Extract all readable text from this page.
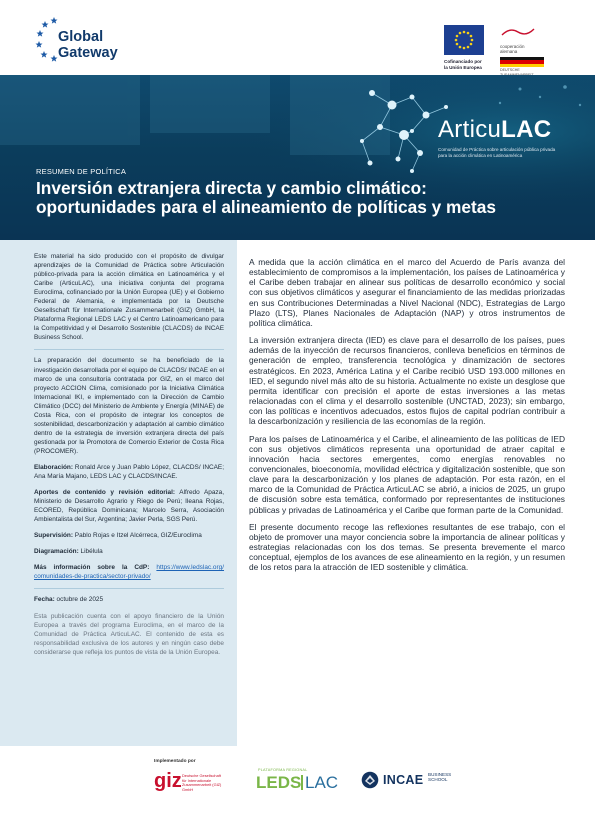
Global
Gateway
Cofinanciado por
la Unión Europea
cooperación
alemana
DEUTSCHE
ArticuLAC
Comunidad de Práctica sobre articulación pública privada
para la acción climática en Latinoamérica
RESUMEN DE POLÍTICA
Inversión extranjera directa y cambio climático:
oportunidades para el alineamiento de políticas y metas

Este material ha sido producido con el propósito de divulgar aprendizajes de la Comunidad de Práctica sobre Articulación público-privada para la acción climática en Latinoamérica y el Caribe (ArticuLAC), una iniciativa conjunta del programa Euroclima, cofinanciado por la Unión Europea (UE) y el Gobierno Federal de Alemania, e implementada por la Deutsche Gesellschaft für Internationale Zusammenarbeit (GIZ) GmbH, la Plataforma Regional LEDS LAC y el Centro Latinoamericano para la Competitividad y el Desarrollo Sostenible (CLACDS) de INCAE Business School.

La preparación del documento se ha beneficiado de la investigación desarrollada por el equipo de CLACDS/ INCAE en el marco de una consultoría contratada por GIZ, en el marco del proyecto ACCION Clima, comisionado por la Iniciativa Climática Internacional IKI, e implementado con la Dirección de Cambio Climático (DCC) del Ministerio de Ambiente y Energía (MINAE) de Costa Rica, con el propósito de integrar los conceptos de sostenibilidad, descarbonización y adaptación al cambio climático dentro de la estrategia de inversión extranjera directa del país gestionada por la Promotora de Comercio Exterior de Costa Rica (PROCOMER).

Elaboración: Ronald Arce y Juan Pablo López, CLACDS/ INCAE; Ana María Majano, LEDS LAC y CLACDS/INCAE.

Aportes de contenido y revisión editorial: Alfredo Apaza, Ministerio de Desarrollo Agrario y Riego de Perú; Ileana Rojas, ECORED, República Dominicana; Marcelo Serra, Asociación Ambientalista del Sur, Argentina; Javier Perla, SGS Perú.

Supervisión: Pablo Rojas e Itzel Alcérreca, GIZ/Euroclima

Diagramación: Libélula

Más información sobre la CdP: https://www.ledslac.org/ comunidades-de-practica/sector-privado/

Fecha: octubre de 2025

Esta publicación cuenta con el apoyo financiero de la Unión Europea a través del programa Euroclima, en el marco de la Comunidad de Práctica ArticuLAC. El contenido de esta es responsabilidad exclusiva de los autores y en ningún caso debe considerarse que refleja los puntos de vista de la Unión Europea.

A medida que la acción climática en el marco del Acuerdo de París avanza del establecimiento de compromisos a la implementación, los países de Latinoamérica y el Caribe deben trabajar en alinear sus políticas de desarrollo económico y social con sus objetivos climáticos y asegurar el financiamiento de las medidas priorizadas en sus Contribuciones Determinadas a Nivel Nacional (NDC), Estrategias de Largo Plazo (LTS), Planes Nacionales de Adaptación (NAP) y otros instrumentos de política climática.

La inversión extranjera directa (IED) es clave para el desarrollo de los países, pues además de la inyección de recursos financieros, conlleva beneficios en términos de generación de empleo, transferencia tecnológica y dinamización de sectores estratégicos. En 2023, América Latina y el Caribe recibió USD 193.000 millones en IED, el segundo nivel más alto de su historia. Actualmente no existe un desglose que permita identificar con precisión el aporte de estas inversiones a las metas relacionadas con el clima y el desarrollo sostenible (UNCTAD, 2023); sin embargo, con las políticas e incentivos adecuados, estos flujos de capital podrían contribuir a la descarbonización y resiliencia de las economías de la región.

Para los países de Latinoamérica y el Caribe, el alineamiento de las políticas de IED con sus objetivos climáticos representa una oportunidad de atraer capital e innovación hacia sectores emergentes, como energías renovables no convencionales, bioeconomía, movilidad eléctrica y digitalización sostenible, que son clave para la descarbonización y los planes de adaptación. Por esta razón, en el marco de la Comunidad de Práctica ArticuLAC se abrió, a inicios de 2025, un grupo de discusión sobre esta temática, conformado por representantes de instituciones públicas y privadas de Latinoamérica y el Caribe que forman parte de la Comunidad.

El presente documento recoge las reflexiones resultantes de ese trabajo, con el objeto de promover una mayor conciencia sobre la importancia de alinear políticas y estrategias relacionadas con los dos temas. Se presenta brevemente el marco conceptual, ejemplos de los avances de ese alineamiento en la región, y un resumen de los retos para la atracción de IED sostenible y climática.

Implementado por
giz Deutsche Gesellschaft für Internationale Zusammenarbeit (GIZ) GmbH
PLATAFORMA REGIONAL
LEDS LAC	INCAE BUSINESS
SCHOOL
